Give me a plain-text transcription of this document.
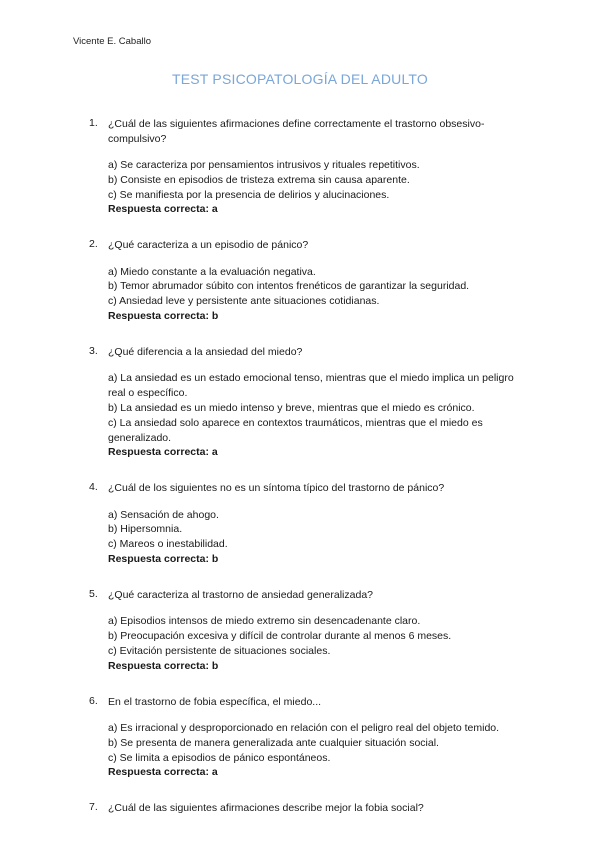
Vicente E. Caballo
TEST PSICOPATOLOGÍA DEL ADULTO
1. ¿Cuál de las siguientes afirmaciones define correctamente el trastorno obsesivo-compulsivo?
a) Se caracteriza por pensamientos intrusivos y rituales repetitivos.
b) Consiste en episodios de tristeza extrema sin causa aparente.
c) Se manifiesta por la presencia de delirios y alucinaciones.
Respuesta correcta: a
2. ¿Qué caracteriza a un episodio de pánico?
a) Miedo constante a la evaluación negativa.
b) Temor abrumador súbito con intentos frenéticos de garantizar la seguridad.
c) Ansiedad leve y persistente ante situaciones cotidianas.
Respuesta correcta: b
3. ¿Qué diferencia a la ansiedad del miedo?
a) La ansiedad es un estado emocional tenso, mientras que el miedo implica un peligro real o específico.
b) La ansiedad es un miedo intenso y breve, mientras que el miedo es crónico.
c) La ansiedad solo aparece en contextos traumáticos, mientras que el miedo es generalizado.
Respuesta correcta: a
4. ¿Cuál de los siguientes no es un síntoma típico del trastorno de pánico?
a) Sensación de ahogo.
b) Hipersomnia.
c) Mareos o inestabilidad.
Respuesta correcta: b
5. ¿Qué caracteriza al trastorno de ansiedad generalizada?
a) Episodios intensos de miedo extremo sin desencadenante claro.
b) Preocupación excesiva y difícil de controlar durante al menos 6 meses.
c) Evitación persistente de situaciones sociales.
Respuesta correcta: b
6. En el trastorno de fobia específica, el miedo...
a) Es irracional y desproporcionado en relación con el peligro real del objeto temido.
b) Se presenta de manera generalizada ante cualquier situación social.
c) Se limita a episodios de pánico espontáneos.
Respuesta correcta: a
7. ¿Cuál de las siguientes afirmaciones describe mejor la fobia social?
